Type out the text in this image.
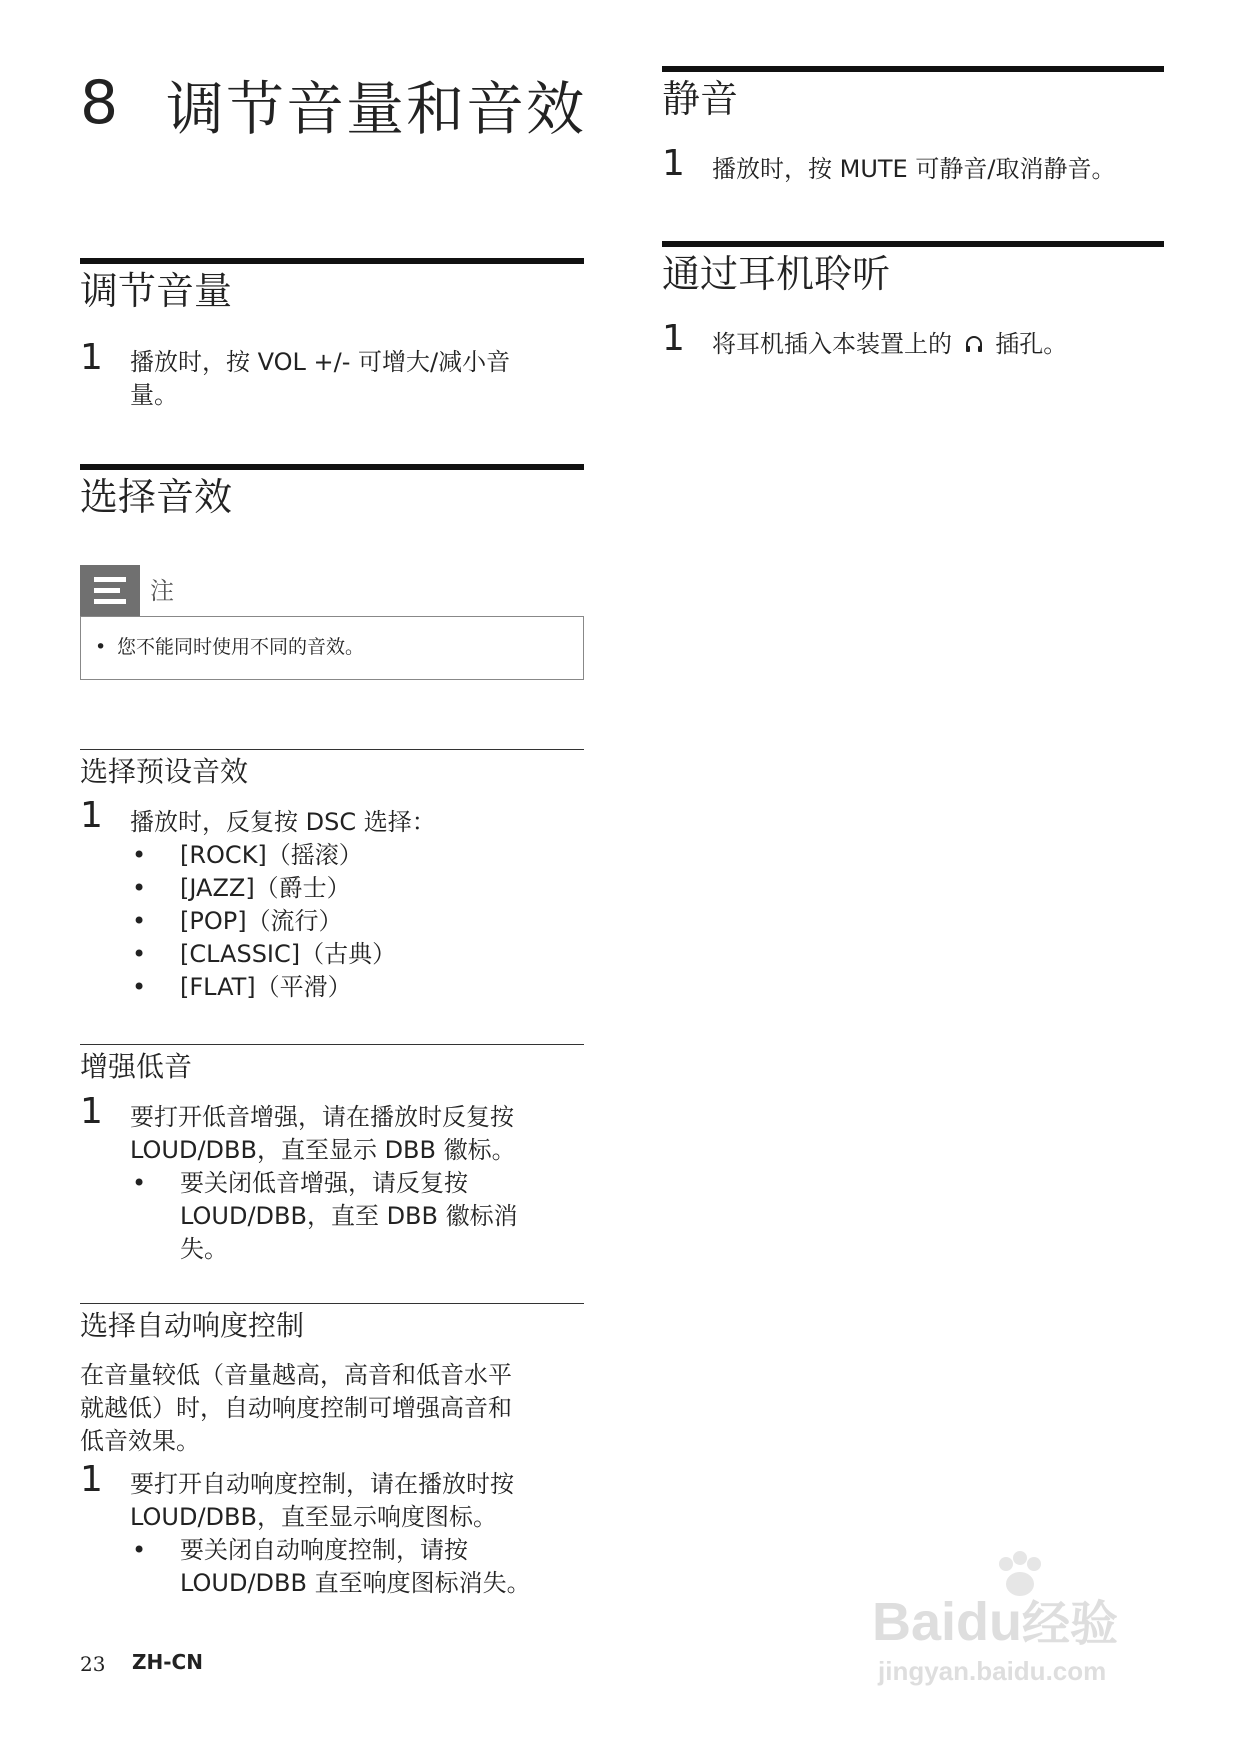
8 调节音量和音效
调节音量
1 播放时，按 VOL +/- 可增大/减小音量。
选择音效
注
• 您不能同时使用不同的音效。
选择预设音效
1 播放时，反复按 DSC 选择：
• [ROCK]（摇滚）
• [JAZZ]（爵士）
• [POP]（流行）
• [CLASSIC]（古典）
• [FLAT]（平滑）
增强低音
1 要打开低音增强，请在播放时反复按
LOUD/DBB，直至显示 DBB 徽标。
• 要关闭低音增强，请反复按
LOUD/DBB，直至 DBB 徽标消
失。
选择自动响度控制
在音量较低（音量越高，高音和低音水平
就越低）时，自动响度控制可增强高音和
低音效果。
1 要打开自动响度控制，请在播放时按
LOUD/DBB，直至显示响度图标。
• 要关闭自动响度控制，请按
LOUD/DBB 直至响度图标消失。
静音
1 播放时，按 MUTE 可静音/取消静音。
通过耳机聆听
1 将耳机插入本装置上的 插孔。
23 ZH-CN
Baidu经验
jingyan.baidu.com
